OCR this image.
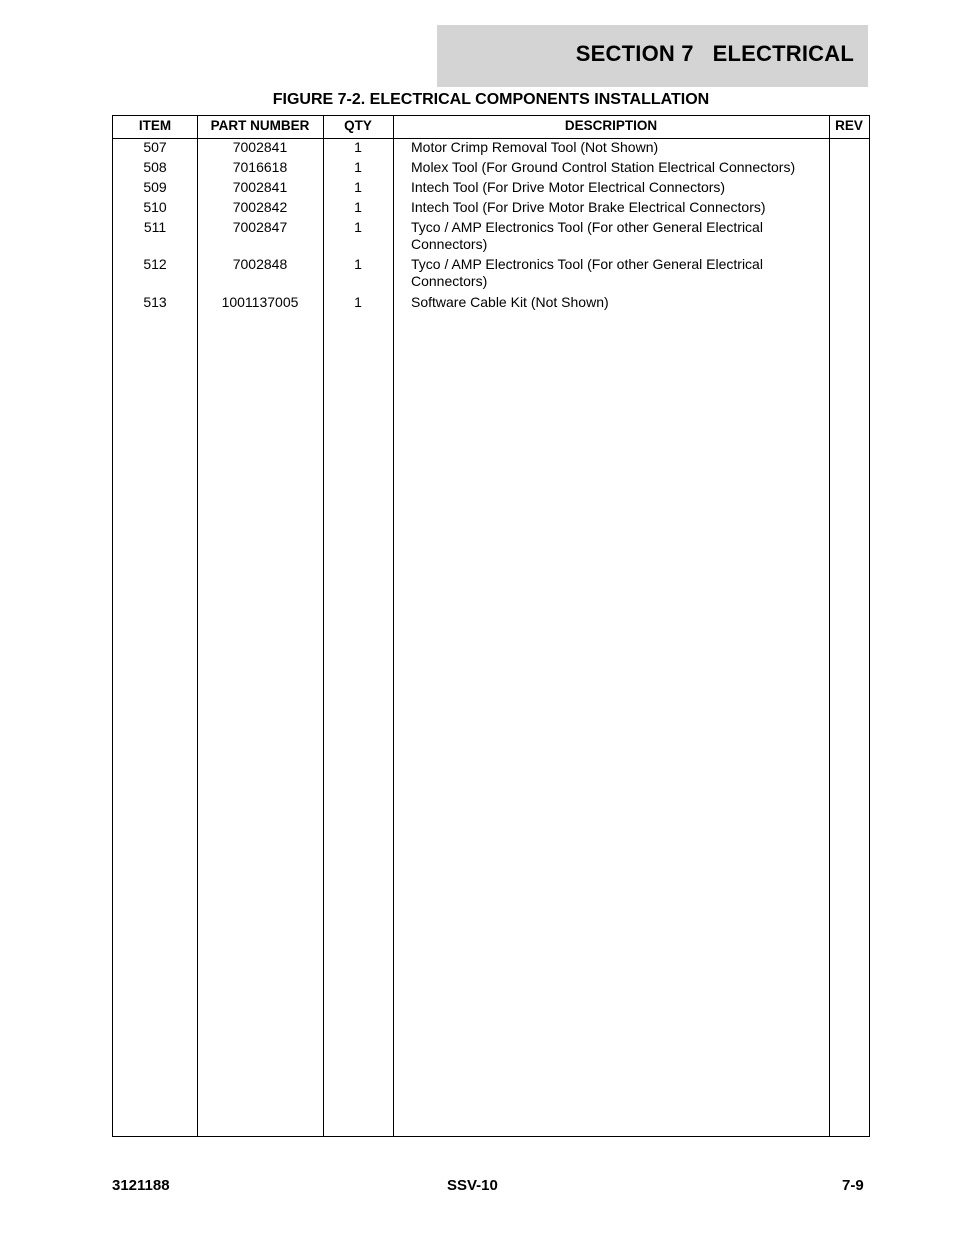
SECTION 7   ELECTRICAL
FIGURE 7-2. ELECTRICAL COMPONENTS INSTALLATION
ITEM	PART NUMBER	QTY	DESCRIPTION	REV
507	7002841	1	Motor Crimp Removal Tool (Not Shown)
508	7016618	1	Molex Tool (For Ground Control Station Electrical Connectors)
509	7002841	1	Intech Tool (For Drive Motor Electrical Connectors)
510	7002842	1	Intech Tool (For Drive Motor Brake Electrical Connectors)
511	7002847	1	Tyco / AMP Electronics Tool (For other General Electrical Connectors)
512	7002848	1	Tyco / AMP Electronics Tool (For other General Electrical Connectors)
513	1001137005	1	Software Cable Kit (Not Shown)
3121188	SSV-10	7-9
